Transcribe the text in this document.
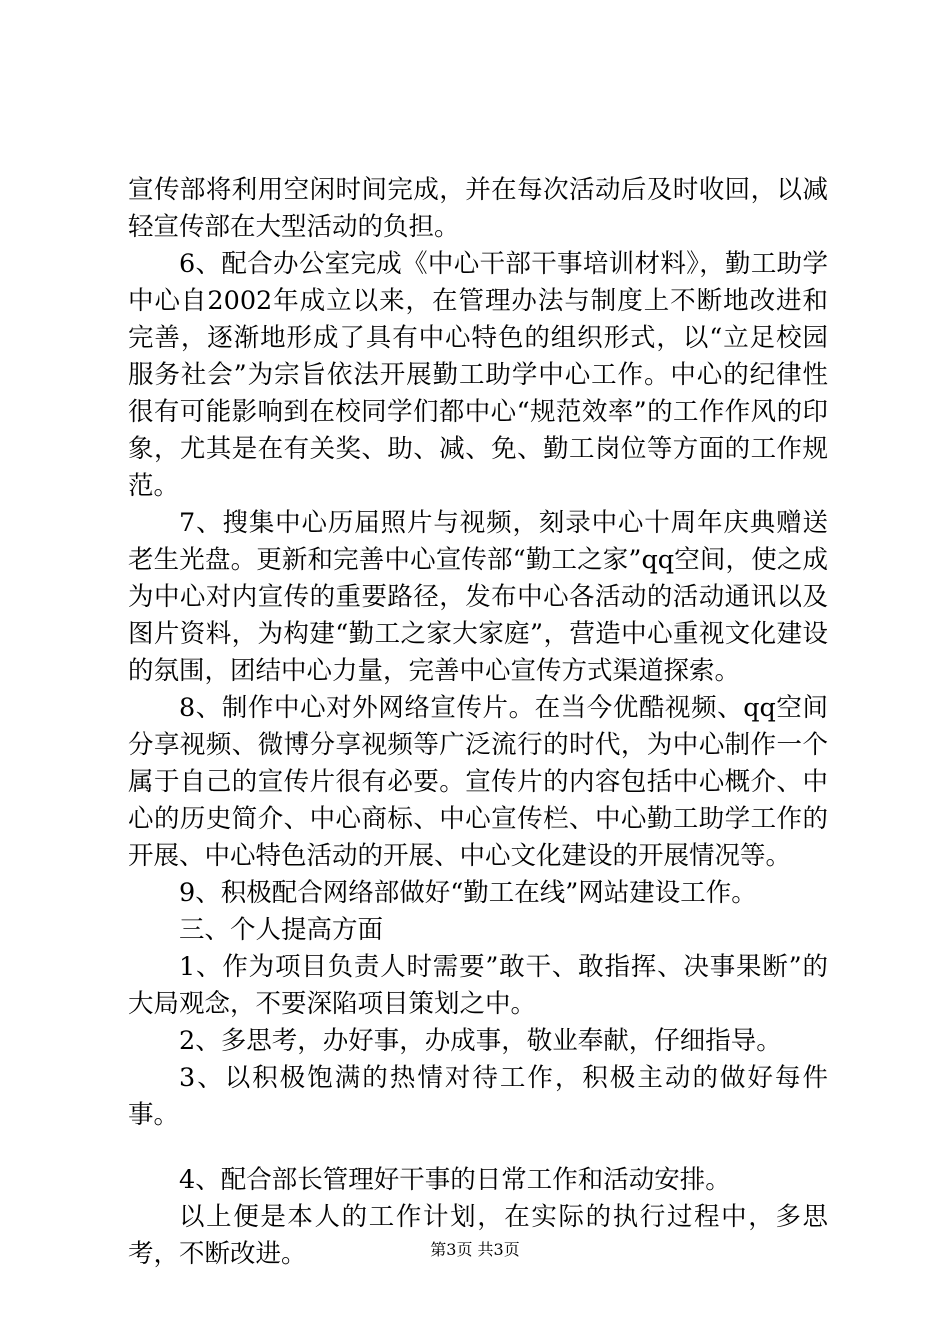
宣传部将利用空闲时间完成，并在每次活动后及时收回，以减轻宣传部在大型活动的负担。

6、配合办公室完成《中心干部干事培训材料》，勤工助学中心自2002年成立以来，在管理办法与制度上不断地改进和完善，逐渐地形成了具有中心特色的组织形式，以“立足校园服务社会”为宗旨依法开展勤工助学中心工作。中心的纪律性很有可能影响到在校同学们都中心“规范效率”的工作作风的印象，尤其是在有关奖、助、减、免、勤工岗位等方面的工作规范。

7、搜集中心历届照片与视频，刻录中心十周年庆典赠送老生光盘。更新和完善中心宣传部“勤工之家”qq空间，使之成为中心对内宣传的重要路径，发布中心各活动的活动通讯以及图片资料，为构建“勤工之家大家庭”，营造中心重视文化建设的氛围，团结中心力量，完善中心宣传方式渠道探索。

8、制作中心对外网络宣传片。在当今优酷视频、qq空间分享视频、微博分享视频等广泛流行的时代，为中心制作一个属于自己的宣传片很有必要。宣传片的内容包括中心概介、中心的历史简介、中心商标、中心宣传栏、中心勤工助学工作的开展、中心特色活动的开展、中心文化建设的开展情况等。

9、积极配合网络部做好“勤工在线”网站建设工作。

三、个人提高方面

1、作为项目负责人时需要”敢干、敢指挥、决事果断”的大局观念，不要深陷项目策划之中。

2、多思考，办好事，办成事，敬业奉献，仔细指导。

3、以积极饱满的热情对待工作，积极主动的做好每件事。

4、配合部长管理好干事的日常工作和活动安排。

以上便是本人的工作计划，在实际的执行过程中，多思考，不断改进。	第3页 共3页
